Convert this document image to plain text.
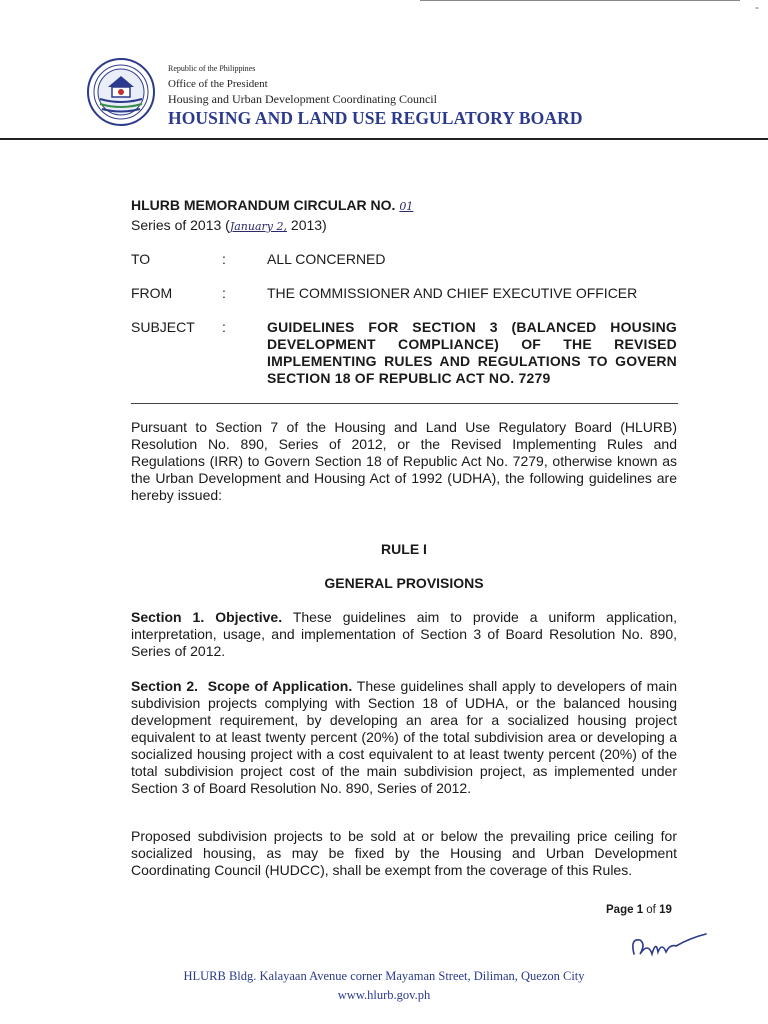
-
Republic of the Philippines
Office of the President
Housing and Urban Development Coordinating Council
HOUSING AND LAND USE REGULATORY BOARD
HLURB MEMORANDUM CIRCULAR NO. 01
Series of 2013 (January 2, 2013)
TO	:	ALL CONCERNED
FROM	:	THE COMMISSIONER AND CHIEF EXECUTIVE OFFICER
SUBJECT	:	GUIDELINES FOR SECTION 3 (BALANCED HOUSING DEVELOPMENT COMPLIANCE) OF THE REVISED IMPLEMENTING RULES AND REGULATIONS TO GOVERN SECTION 18 OF REPUBLIC ACT NO. 7279
Pursuant to Section 7 of the Housing and Land Use Regulatory Board (HLURB) Resolution No. 890, Series of 2012, or the Revised Implementing Rules and Regulations (IRR) to Govern Section 18 of Republic Act No. 7279, otherwise known as the Urban Development and Housing Act of 1992 (UDHA), the following guidelines are hereby issued:
RULE I
GENERAL PROVISIONS
Section 1. Objective. These guidelines aim to provide a uniform application, interpretation, usage, and implementation of Section 3 of Board Resolution No. 890, Series of 2012.
Section 2. Scope of Application. These guidelines shall apply to developers of main subdivision projects complying with Section 18 of UDHA, or the balanced housing development requirement, by developing an area for a socialized housing project equivalent to at least twenty percent (20%) of the total subdivision area or developing a socialized housing project with a cost equivalent to at least twenty percent (20%) of the total subdivision project cost of the main subdivision project, as implemented under Section 3 of Board Resolution No. 890, Series of 2012.
Proposed subdivision projects to be sold at or below the prevailing price ceiling for socialized housing, as may be fixed by the Housing and Urban Development Coordinating Council (HUDCC), shall be exempt from the coverage of this Rules.
Page 1 of 19
HLURB Bldg. Kalayaan Avenue corner Mayaman Street, Diliman, Quezon City
www.hlurb.gov.ph
